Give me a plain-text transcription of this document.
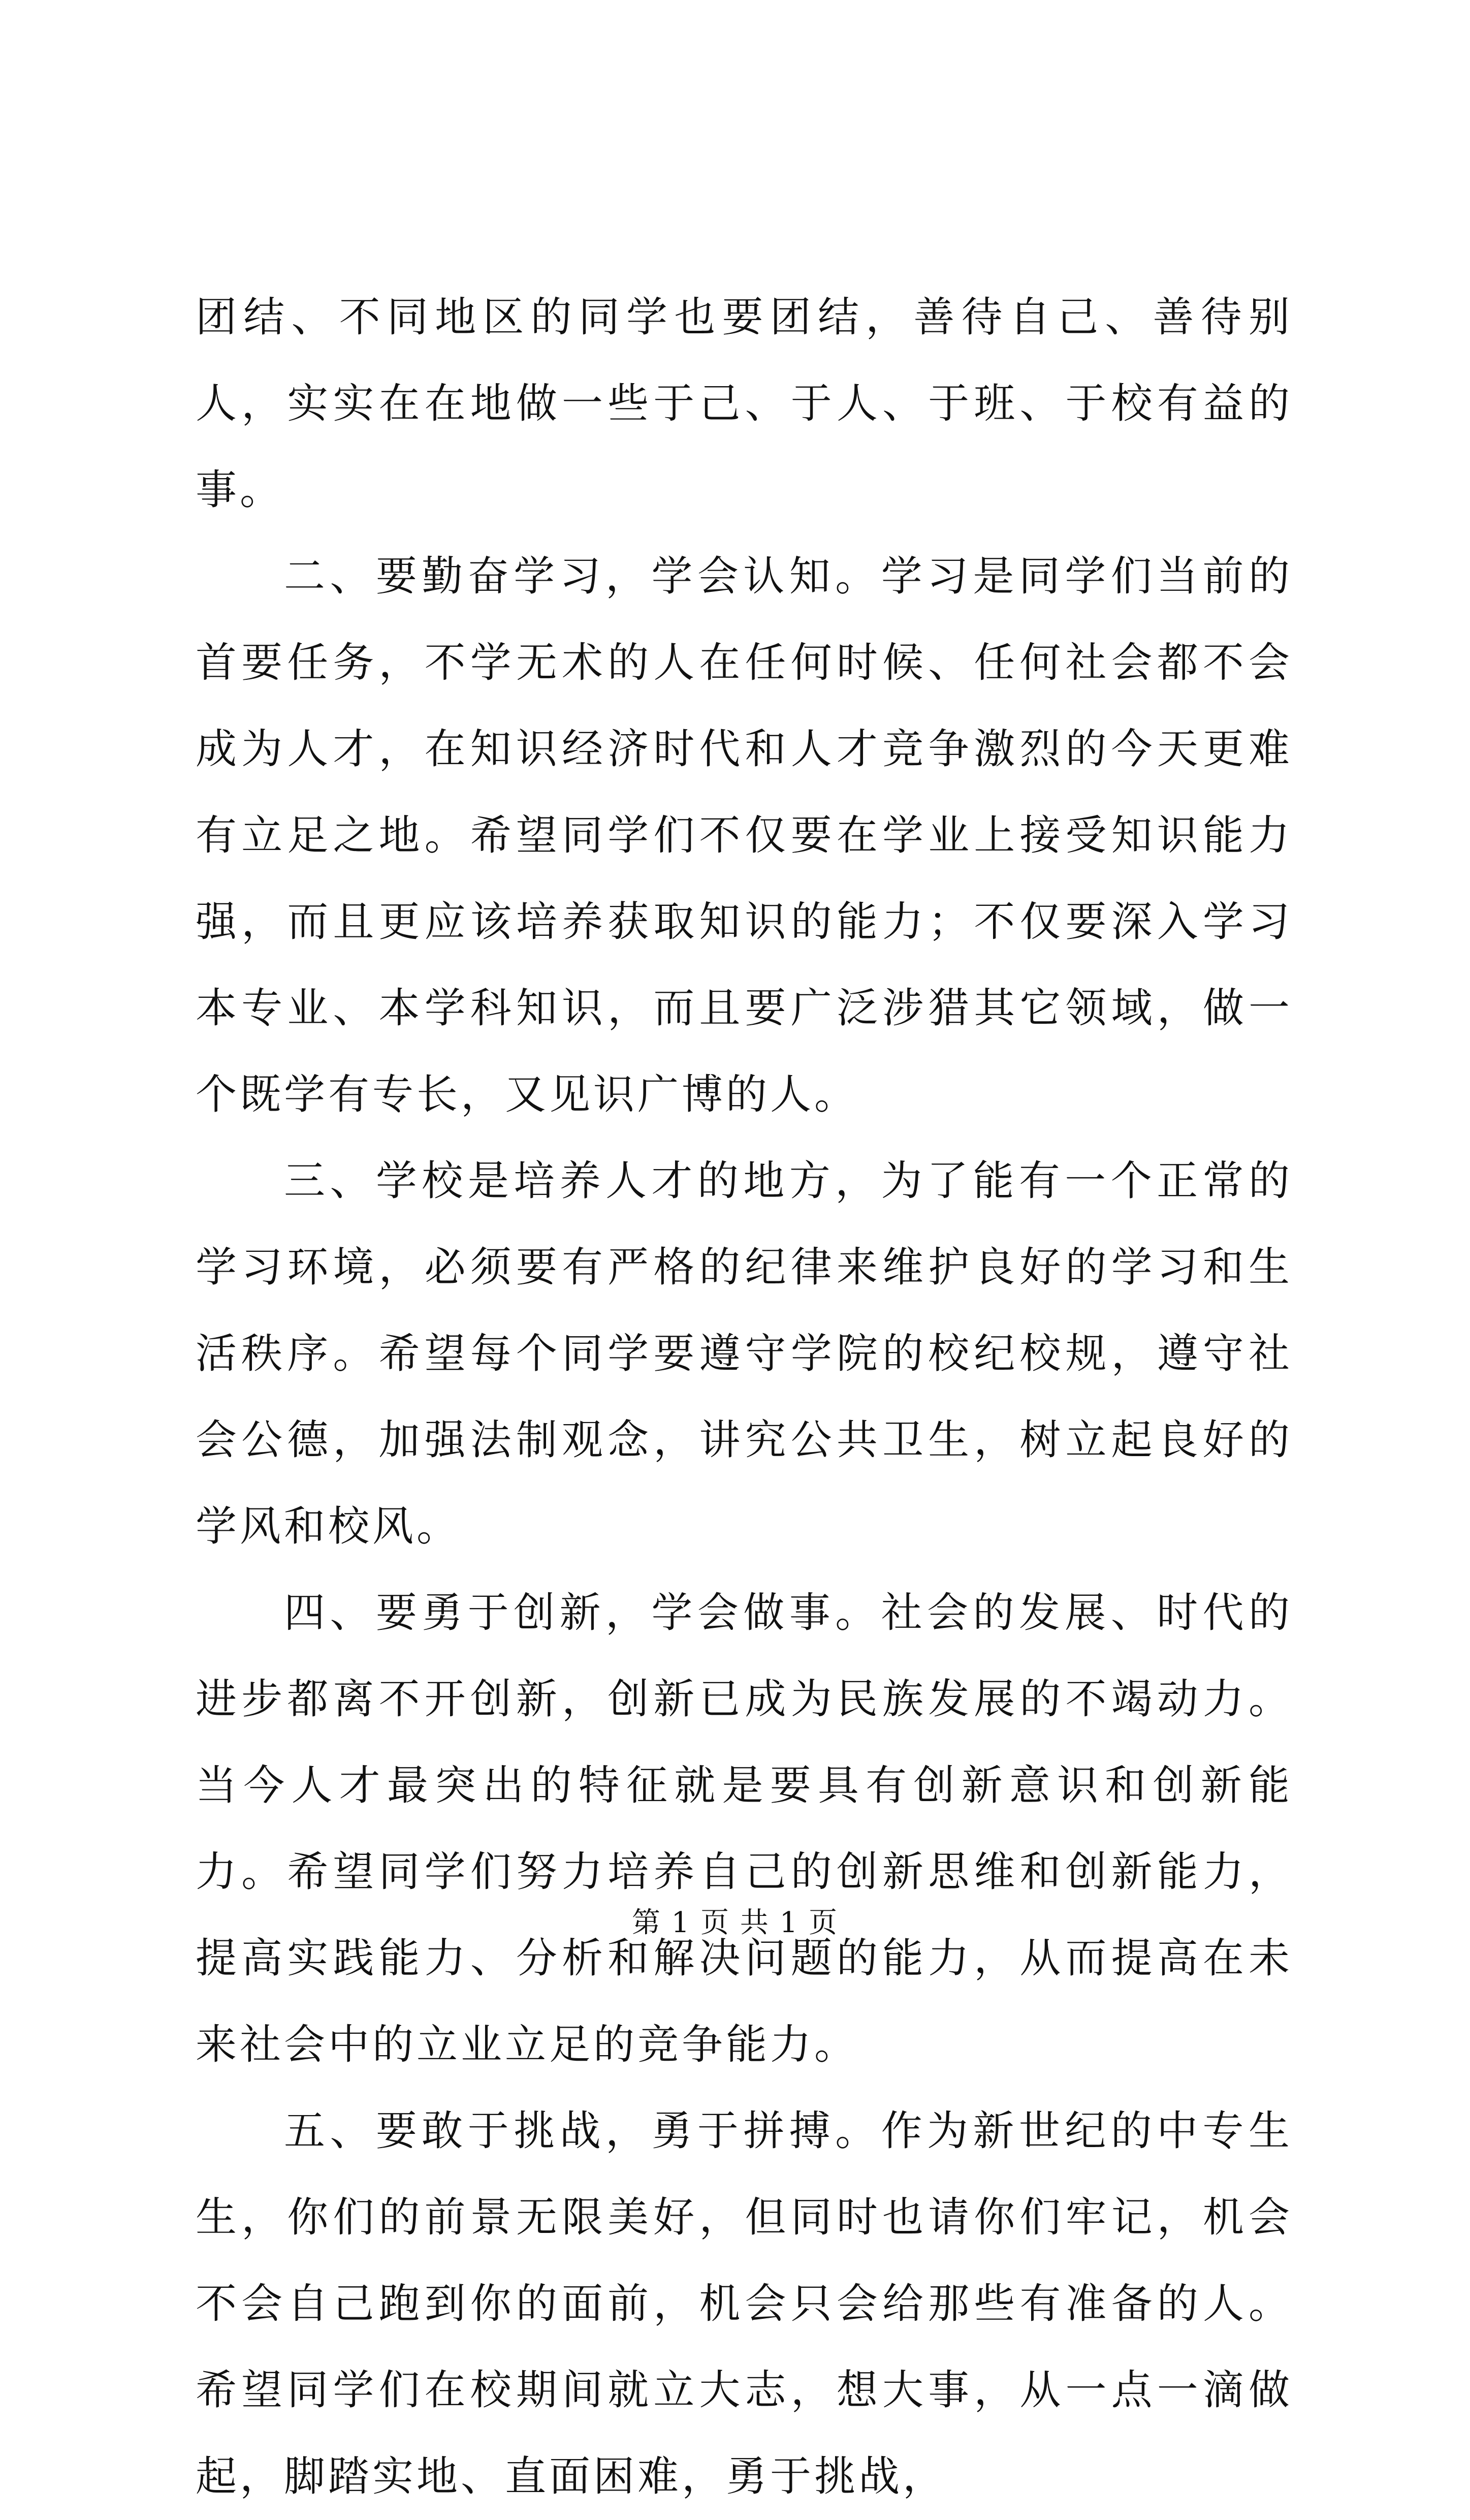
团结、不同地区的同学也要团结，善待自己、善待别人，实实在在地做一些于己、于人、于班、于校有益的事。

二、要勤奋学习，学会认知。学习是同学们当前的首要任务，不学无术的人在任何时候、任何社会都不会成为人才，在知识经济时代和人才竞争激烈的今天更难有立足之地。希望同学们不仅要在学业上接受知识能力强，而且更应该培养获取知识的能力；不仅要深入学习本专业、本学科知识，而且要广泛涉猎其它领域，做一个既学有专长，又见识广博的人。

三、学校是培养人才的地方，为了能有一个正常的学习环境，必须要有严格的纪律来维护良好的学习和生活秩序。希望每个同学要遵守学院的校纪校规，遵守社会公德，加强法制观念，讲究公共卫生，树立起良好的学风和校风。

四、要勇于创新，学会做事。社会的发展、时代的进步都离不开创新，创新已成为民族发展的不竭动力。当今人才最突出的特征就是要具有创新意识和创新能力。希望同学们努力培养自己的创新思维和创新能力，提高实践能力、分析和解决问题的能力，从而提高在未来社会中的立业立足的竞争能力。

五、要敢于挑战，勇于拼搏。作为新世纪的中专生生，你们的前景无限美好，但同时也请你们牢记，机会不会自己跑到你的面前，机会只会给那些有准备的人。希望同学们在校期间就立大志，想大事，从一点一滴做起，脚踏实地、直面困难，勇于挑战，

第 1 页 共 1 页
